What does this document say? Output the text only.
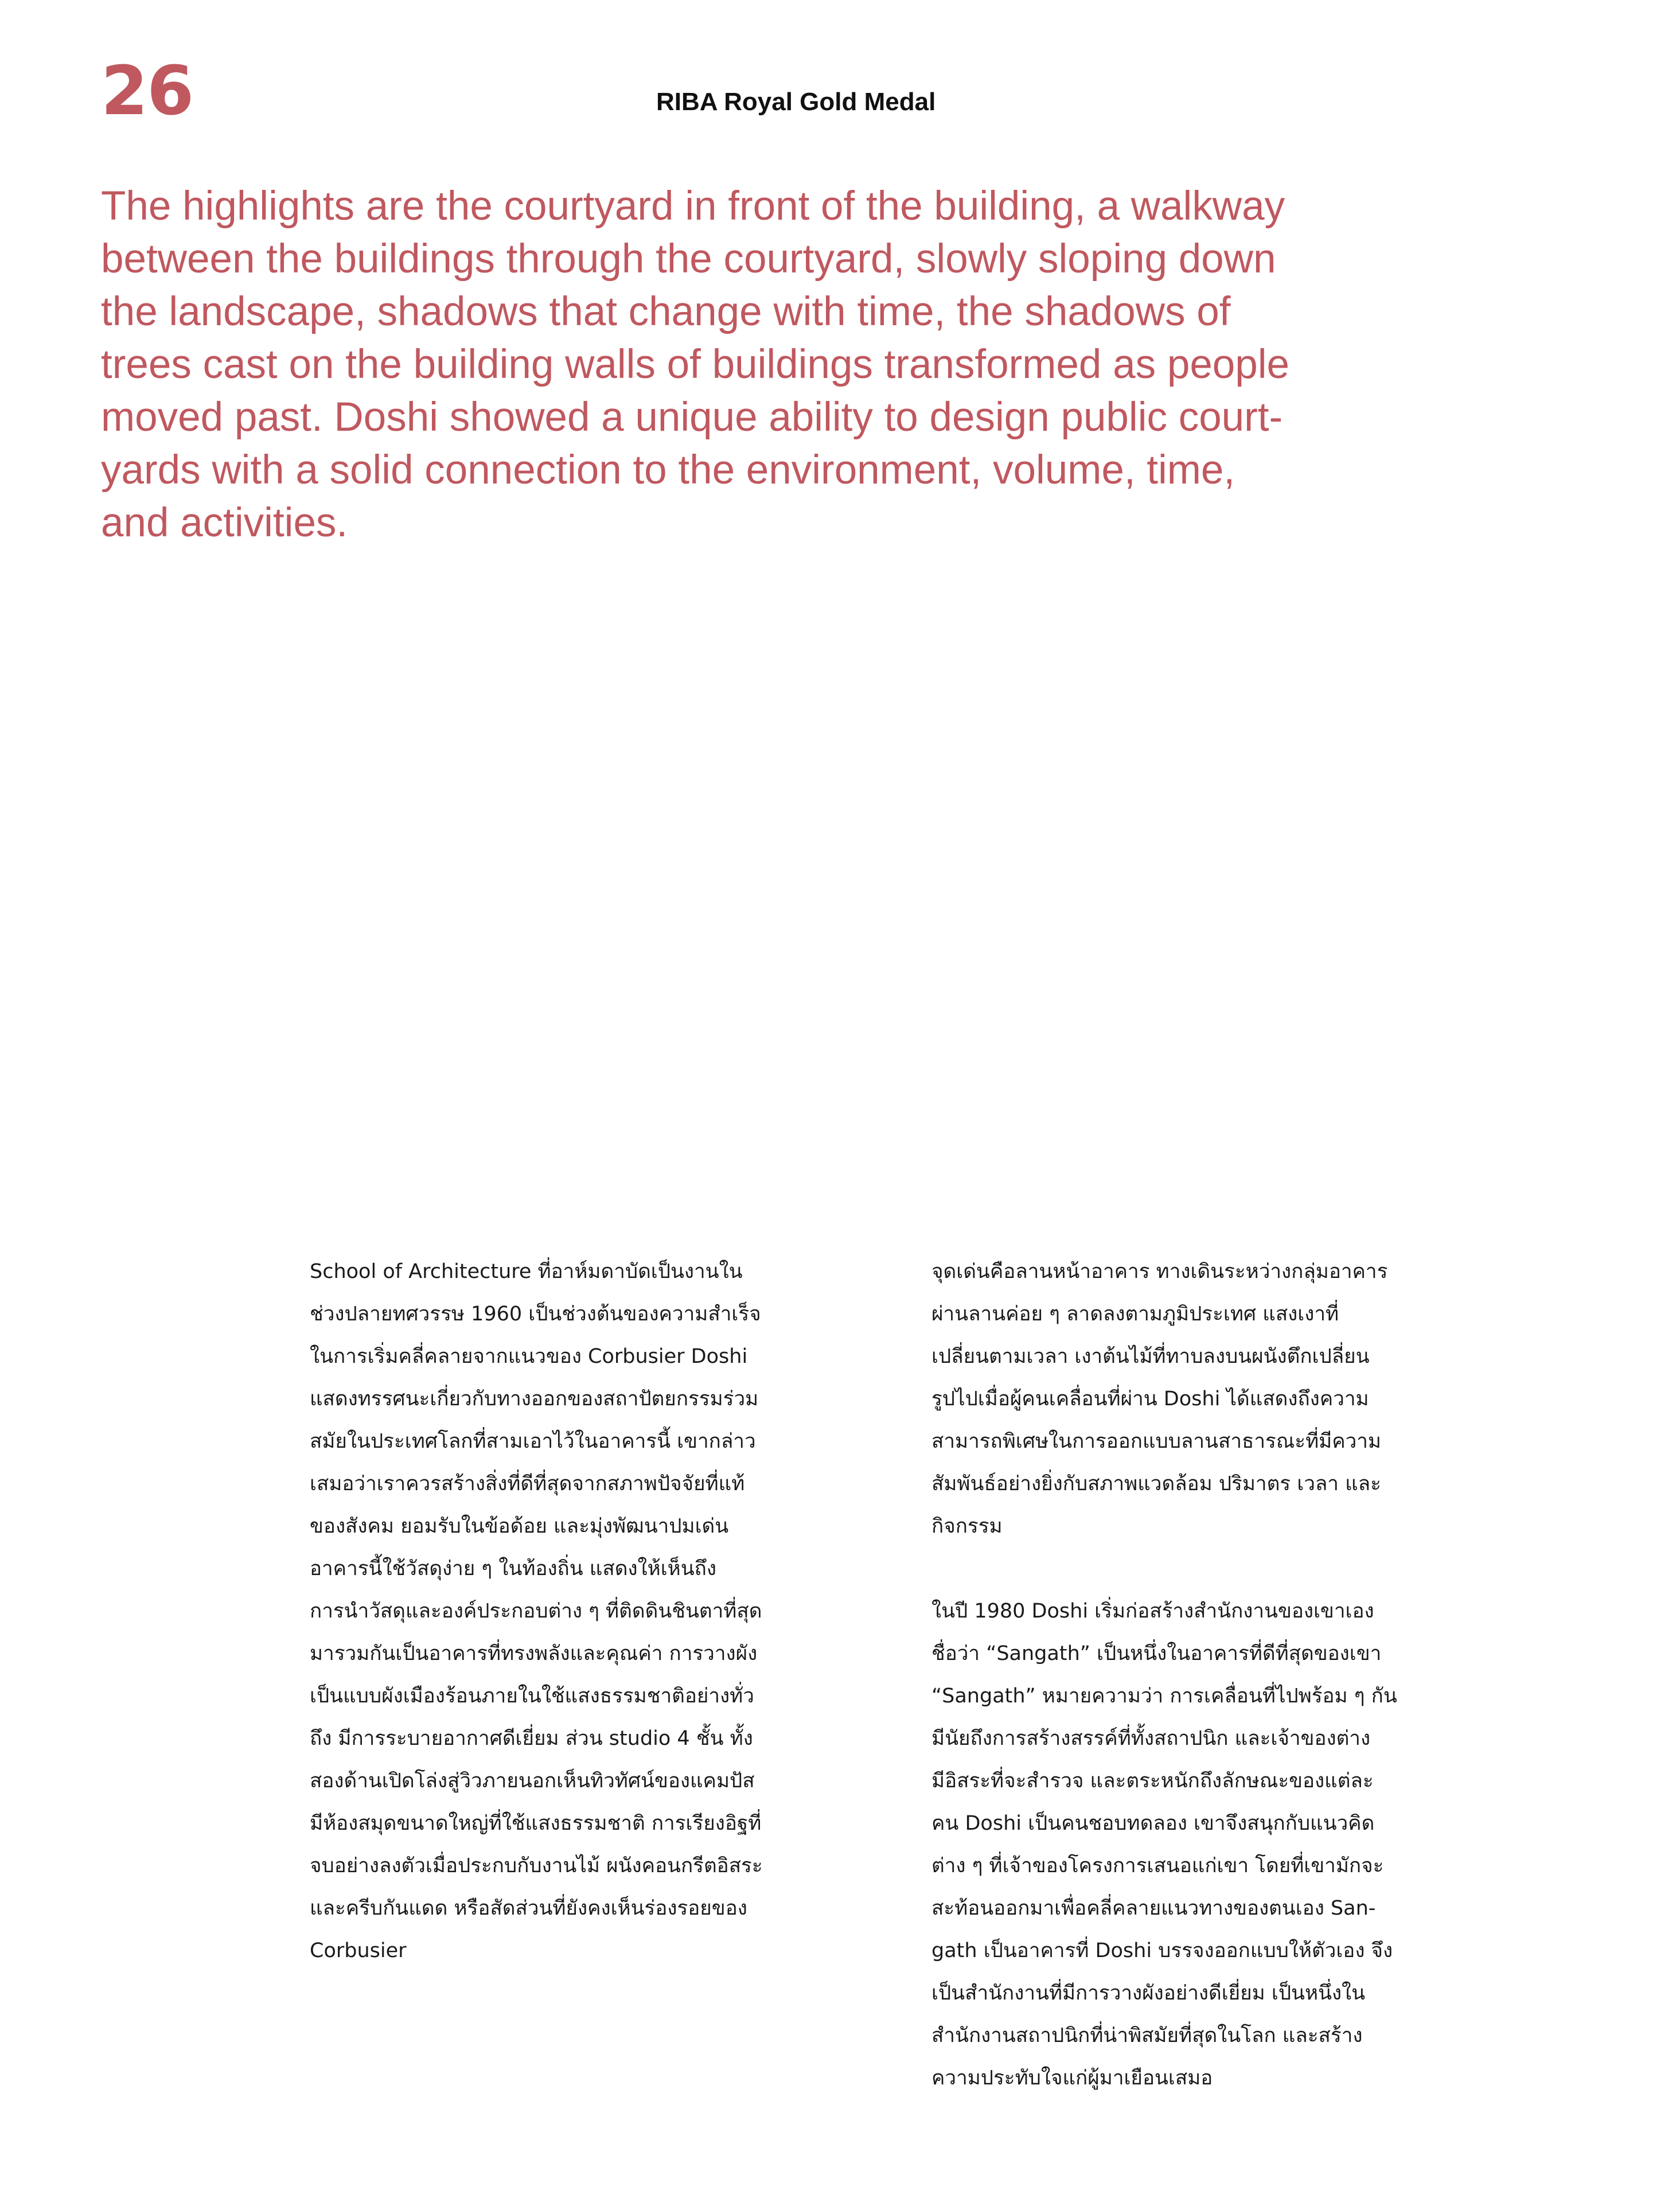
26	RIBA Royal Gold Medal
The highlights are the courtyard in front of the building, a walkway
between the buildings through the courtyard, slowly sloping down
the landscape, shadows that change with time, the shadows of
trees cast on the building walls of buildings transformed as people
moved past. Doshi showed a unique ability to design public court-
yards with a solid connection to the environment, volume, time,
and activities.
School of Architecture ที่อาห์มดาบัดเป็นงานใน
ช่วงปลายทศวรรษ 1960 เป็นช่วงต้นของความสำเร็จ
ในการเริ่มคลี่คลายจากแนวของ Corbusier Doshi
แสดงทรรศนะเกี่ยวกับทางออกของสถาปัตยกรรมร่วม
สมัยในประเทศโลกที่สามเอาไว้ในอาคารนี้ เขากล่าว
เสมอว่าเราควรสร้างสิ่งที่ดีที่สุดจากสภาพปัจจัยที่แท้
ของสังคม ยอมรับในข้อด้อย และมุ่งพัฒนาปมเด่น
อาคารนี้ใช้วัสดุง่าย ๆ ในท้องถิ่น แสดงให้เห็นถึง
การนำวัสดุและองค์ประกอบต่าง ๆ ที่ติดดินชินตาที่สุด
มารวมกันเป็นอาคารที่ทรงพลังและคุณค่า การวางผัง
เป็นแบบผังเมืองร้อนภายในใช้แสงธรรมชาติอย่างทั่ว
ถึง มีการระบายอากาศดีเยี่ยม ส่วน studio 4 ชั้น ทั้ง
สองด้านเปิดโล่งสู่วิวภายนอกเห็นทิวทัศน์ของแคมปัส
มีห้องสมุดขนาดใหญ่ที่ใช้แสงธรรมชาติ การเรียงอิฐที่
จบอย่างลงตัวเมื่อประกบกับงานไม้ ผนังคอนกรีตอิสระ
และครีบกันแดด หรือสัดส่วนที่ยังคงเห็นร่องรอยของ
Corbusier
จุดเด่นคือลานหน้าอาคาร ทางเดินระหว่างกลุ่มอาคาร
ผ่านลานค่อย ๆ ลาดลงตามภูมิประเทศ แสงเงาที่
เปลี่ยนตามเวลา เงาต้นไม้ที่ทาบลงบนผนังตึกเปลี่ยน
รูปไปเมื่อผู้คนเคลื่อนที่ผ่าน Doshi ได้แสดงถึงความ
สามารถพิเศษในการออกแบบลานสาธารณะที่มีความ
สัมพันธ์อย่างยิ่งกับสภาพแวดล้อม ปริมาตร เวลา และ
กิจกรรม
ในปี 1980 Doshi เริ่มก่อสร้างสำนักงานของเขาเอง
ชื่อว่า “Sangath” เป็นหนึ่งในอาคารที่ดีที่สุดของเขา
“Sangath” หมายความว่า การเคลื่อนที่ไปพร้อม ๆ กัน
มีนัยถึงการสร้างสรรค์ที่ทั้งสถาปนิก และเจ้าของต่าง
มีอิสระที่จะสำรวจ และตระหนักถึงลักษณะของแต่ละ
คน Doshi เป็นคนชอบทดลอง เขาจึงสนุกกับแนวคิด
ต่าง ๆ ที่เจ้าของโครงการเสนอแก่เขา โดยที่เขามักจะ
สะท้อนออกมาเพื่อคลี่คลายแนวทางของตนเอง San-
gath เป็นอาคารที่ Doshi บรรจงออกแบบให้ตัวเอง จึง
เป็นสำนักงานที่มีการวางผังอย่างดีเยี่ยม เป็นหนึ่งใน
สำนักงานสถาปนิกที่น่าพิสมัยที่สุดในโลก และสร้าง
ความประทับใจแก่ผู้มาเยือนเสมอ
